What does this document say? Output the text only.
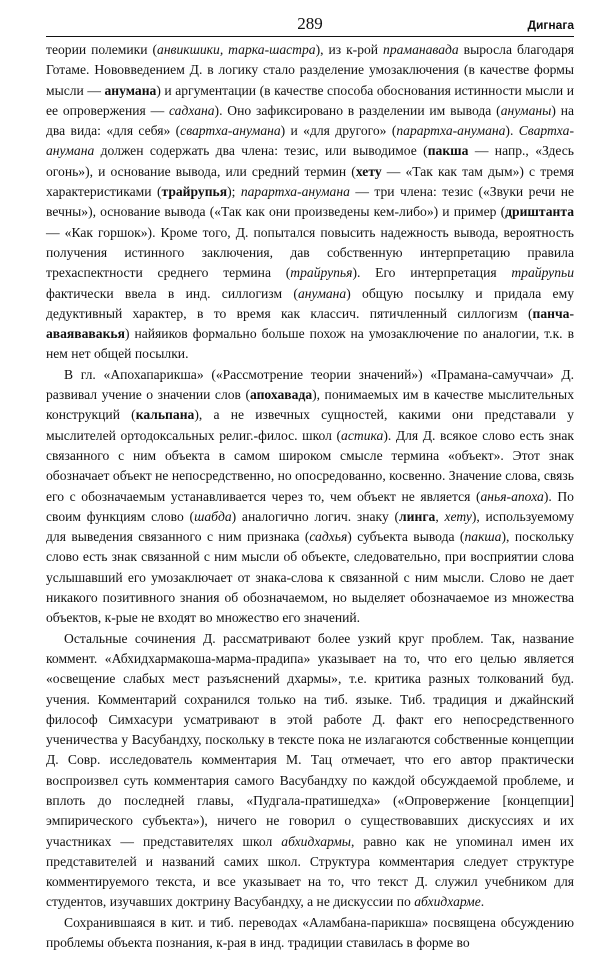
289	Дигнага

теории полемики (анвикшики, тарка-шастра), из к-рой праманавада выросла благодаря Готаме. Нововведением Д. в логику стало разделение умозаключения (в качестве формы мысли — анумана) и аргументации (в качестве способа обоснования истинности мысли и ее опровержения — садхана). Оно зафиксировано в разделении им вывода (ануманы) на два вида: «для себя» (свартха-анумана) и «для другого» (парартха-анумана). Свартха-анумана должен содержать два члена: тезис, или выводимое (пакша — напр., «Здесь огонь»), и основание вывода, или средний термин (хету — «Так как там дым») с тремя характеристиками (трайрупья); парартха-анумана — три члена: тезис («Звуки речи не вечны»), основание вывода («Так как они произведены кем-либо») и пример (дриштанта — «Как горшок»). Кроме того, Д. попытался повысить надежность вывода, вероятность получения истинного заключения, дав собственную интерпретацию правила трехаспектности среднего термина (трайрупья). Его интерпретация трайрупьи фактически ввела в инд. силлогизм (анумана) общую посылку и придала ему дедуктивный характер, в то время как классич. пятичленный силлогизм (панча-аваявавакья) найяиков формально больше похож на умозаключение по аналогии, т.к. в нем нет общей посылки.

В гл. «Апохапарикша» («Рассмотрение теории значений») «Прамана-самуччаи» Д. развивал учение о значении слов (апохавада), понимаемых им в качестве мыслительных конструкций (кальпана), а не извечных сущностей, какими они представали у мыслителей ортодоксальных религ.-филос. школ (астика). Для Д. всякое слово есть знак связанного с ним объекта в самом широком смысле термина «объект». Этот знак обозначает объект не непосредственно, но опосредованно, косвенно. Значение слова, связь его с обозначаемым устанавливается через то, чем объект не является (анья-апоха). По своим функциям слово (шабда) аналогично логич. знаку (линга, хету), используемому для выведения связанного с ним признака (садхья) субъекта вывода (пакша), поскольку слово есть знак связанной с ним мысли об объекте, следовательно, при восприятии слова услышавший его умозаключает от знака-слова к связанной с ним мысли. Слово не дает никакого позитивного знания об обозначаемом, но выделяет обозначаемое из множества объектов, к-рые не входят во множество его значений.

Остальные сочинения Д. рассматривают более узкий круг проблем. Так, название коммент. «Абхидхармакоша-марма-прадипа» указывает на то, что его целью является «освещение слабых мест разъяснений дхармы», т.е. критика разных толкований буд. учения. Комментарий сохранился только на тиб. языке. Тиб. традиция и джайнский философ Симхасури усматривают в этой работе Д. факт его непосредственного ученичества у Васубандху, поскольку в тексте пока не излагаются собственные концепции Д. Совр. исследователь комментария М. Тац отмечает, что его автор практически воспроизвел суть комментария самого Васубандху по каждой обсуждаемой проблеме, и вплоть до последней главы, «Пудгала-пратишедха» («Опровержение [концепции] эмпирического субъекта»), ничего не говорил о существовавших дискуссиях и их участниках — представителях школ абхидхармы, равно как не упоминал имен их представителей и названий самих школ. Структура комментария следует структуре комментируемого текста, и все указывает на то, что текст Д. служил учебником для студентов, изучавших доктрину Васубандху, а не дискуссии по абхидхарме.

Сохранившаяся в кит. и тиб. переводах «Аламбана-парикша» посвящена обсуждению проблемы объекта познания, к-рая в инд. традиции ставилась в форме во
